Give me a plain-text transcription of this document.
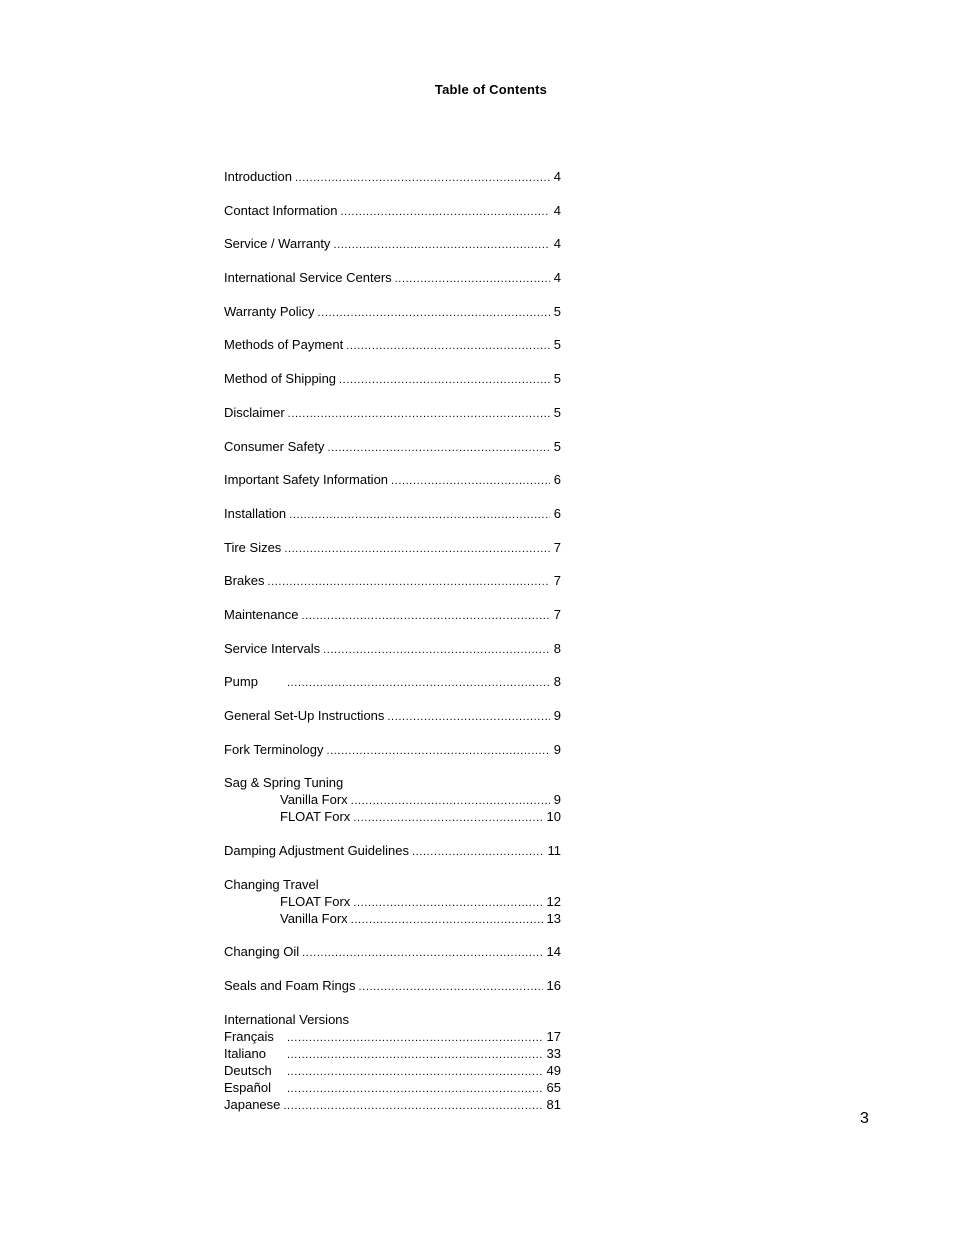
Table of Contents
Introduction .....	4
Contact Information .....	4
Service / Warranty .....	4
International Service Centers .....	4
Warranty Policy .....	5
Methods of Payment .....	5
Method of Shipping .....	5
Disclaimer .....	5
Consumer Safety .....	5
Important Safety Information .....	6
Installation .....	6
Tire Sizes .....	7
Brakes .....	7
Maintenance .....	7
Service Intervals .....	8
Pump .....	8
General Set-Up Instructions .....	9
Fork Terminology .....	9
Sag & Spring Tuning
Vanilla Forx .....	9
FLOAT Forx .....	10
Damping Adjustment Guidelines .....	11
Changing Travel
FLOAT Forx .....	12
Vanilla Forx .....	13
Changing Oil .....	14
Seals and Foam Rings .....	16
International Versions
Français .....	17
Italiano .....	33
Deutsch .....	49
Español .....	65
Japanese .....	81
3
